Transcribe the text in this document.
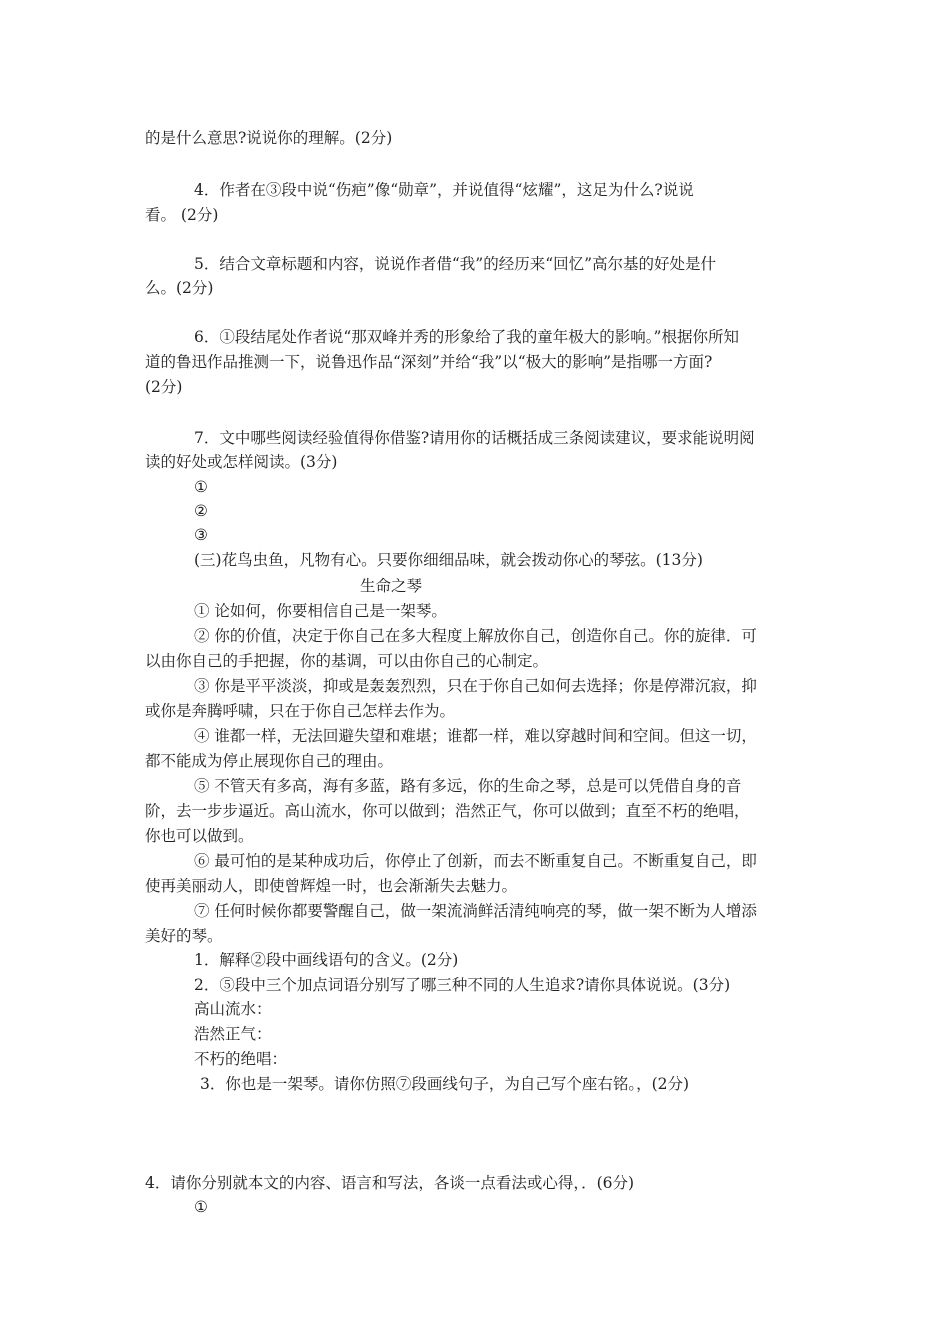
的是什么意思?说说你的理解。(2分)
4．作者在③段中说“伤疤”像“勋章”，并说值得“炫耀”，这足为什么?说说
看。 (2分)
5．结合文章标题和内容，说说作者借“我”的经历来“回忆”高尔基的好处是什
么。(2分)
6．①段结尾处作者说“那双峰并秀的形象给了我的童年极大的影响。”根据你所知
道的鲁迅作品推测一下，说鲁迅作品“深刻”并给“我”以“极大的影响”是指哪一方面?
(2分)
7．文中哪些阅读经验值得你借鉴?请用你的话概括成三条阅读建议，要求能说明阅
读的好处或怎样阅读。(3分)
①
②
③
(三)花鸟虫鱼，凡物有心。只要你细细品味，就会拨动你心的琴弦。(13分)
生命之琴
① 论如何，你要相信自己是一架琴。
② 你的价值，决定于你自己在多大程度上解放你自己，创造你自己。你的旋律．可
以由你自己的手把握，你的基调，可以由你自己的心制定。
③ 你是平平淡淡，抑或是轰轰烈烈，只在于你自己如何去选择；你是停滞沉寂，抑
或你是奔腾呼啸，只在于你自己怎样去作为。
④ 谁都一样，无法回避失望和难堪；谁都一样，难以穿越时间和空间。但这一切，
都不能成为停止展现你自己的理由。
⑤ 不管天有多高，海有多蓝，路有多远，你的生命之琴，总是可以凭借自身的音
阶，去一步步逼近。高山流水，你可以做到；浩然正气，你可以做到；直至不朽的绝唱，
你也可以做到。
⑥ 最可怕的是某种成功后，你停止了创新，而去不断重复自己。不断重复自己，即
使再美丽动人，即使曾辉煌一时，也会渐渐失去魅力。
⑦ 任何时候你都要警醒自己，做一架流淌鲜活清纯响亮的琴，做一架不断为人增添
美好的琴。
1．解释②段中画线语句的含义。(2分)
2．⑤段中三个加点词语分别写了哪三种不同的人生追求?请你具体说说。(3分)
高山流水：
浩然正气：
不朽的绝唱：
3．你也是一架琴。请你仿照⑦段画线句子，为自己写个座右铭。，(2分)
4．请你分别就本文的内容、语言和写法，各谈一点看法或心得，．(6分)
①
